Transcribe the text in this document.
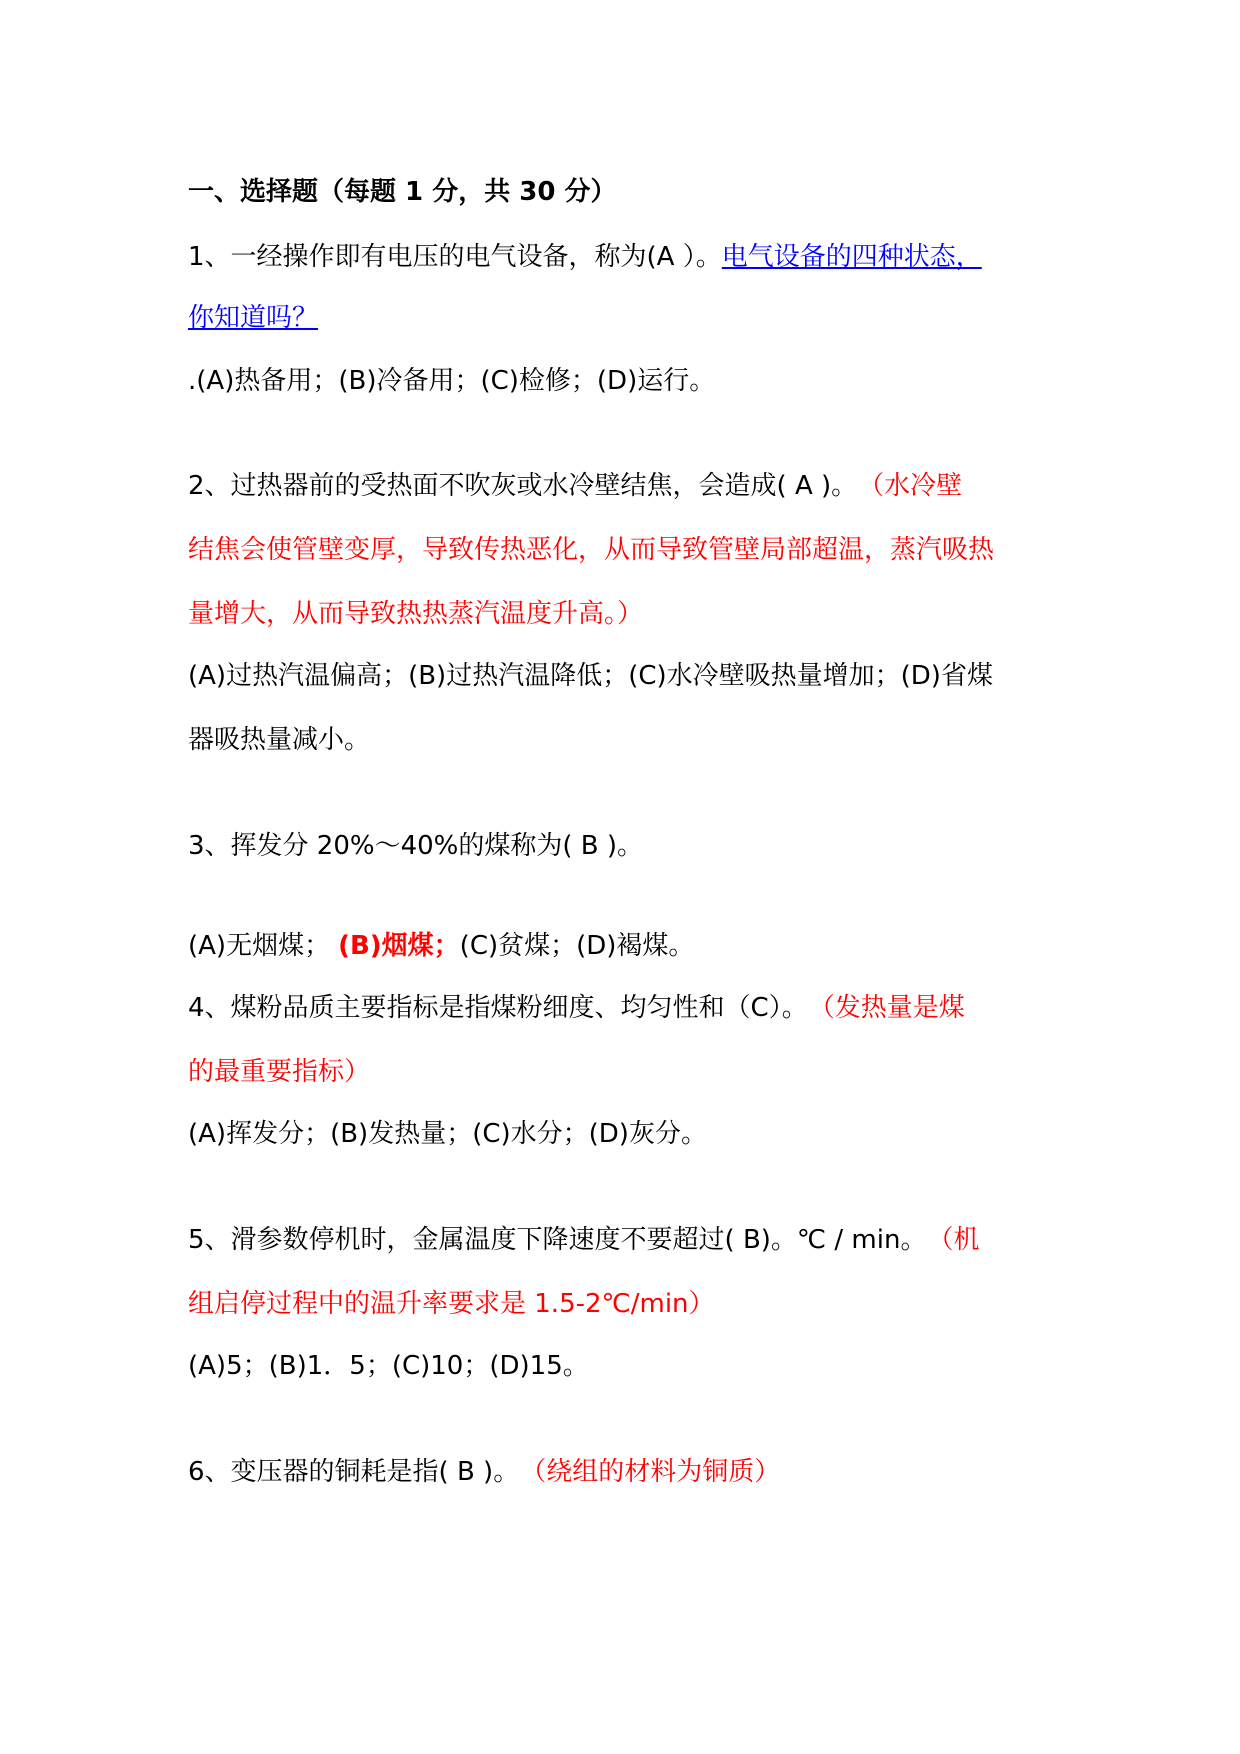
一、选择题（每题 1 分，共 30 分）
1、一经操作即有电压的电气设备，称为(A ）。电气设备的四种状态，
你知道吗？
.(A)热备用；(B)冷备用；(C)检修；(D)运行。
2、过热器前的受热面不吹灰或水冷壁结焦，会造成( A )。 （水冷壁
结焦会使管壁变厚，导致传热恶化，从而导致管壁局部超温，蒸汽吸热
量增大，从而导致热热蒸汽温度升高。）
(A)过热汽温偏高；(B)过热汽温降低；(C)水冷壁吸热量增加；(D)省煤
器吸热量减小。
3、挥发分 20%～40%的煤称为( B )。
(A)无烟煤； (B)烟煤；(C)贫煤；(D)褐煤。
4、煤粉品质主要指标是指煤粉细度、均匀性和（C）。 （发热量是煤
的最重要指标）
(A)挥发分；(B)发热量；(C)水分；(D)灰分。
5、滑参数停机时，金属温度下降速度不要超过( B)。℃ / min。 （机
组启停过程中的温升率要求是 1.5-2℃/min）
(A)5；(B)1．5；(C)10；(D)15。
6、变压器的铜耗是指( B )。 （绕组的材料为铜质）
